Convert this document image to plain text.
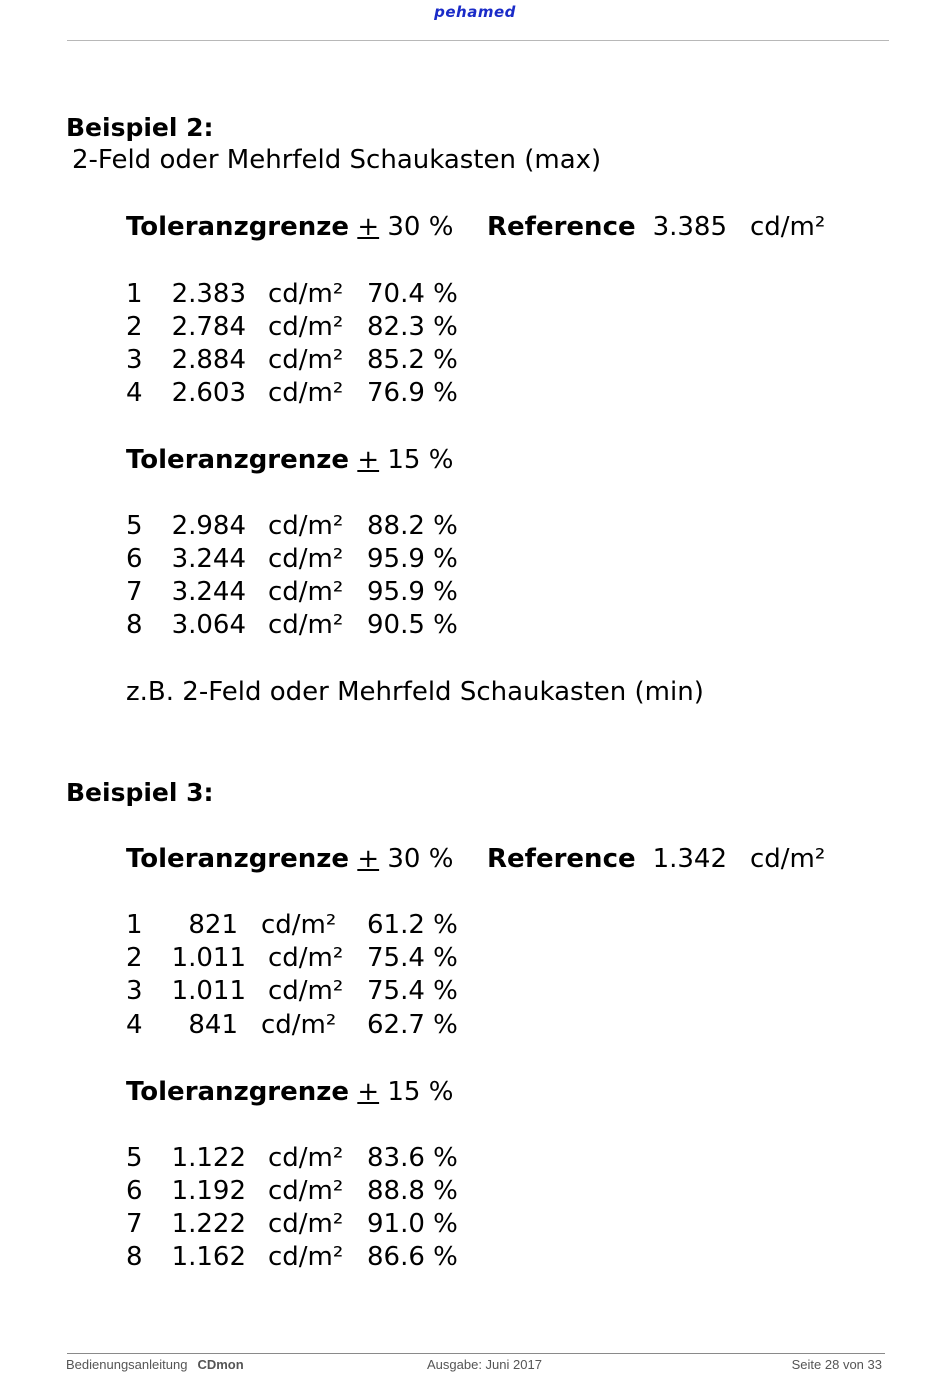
pehamed
Beispiel 2:
2-Feld oder Mehrfeld Schaukasten (max)
Toleranzgrenze + 30 % Reference 3.385 cd/m²
1	2.383 cd/m² 70.4 %
2	2.784 cd/m² 82.3 %
3	2.884 cd/m² 85.2 %
4	2.603 cd/m² 76.9 %
Toleranzgrenze + 15 %
5	2.984 cd/m² 88.2 %
6	3.244 cd/m² 95.9 %
7	3.244 cd/m² 95.9 %
8	3.064 cd/m² 90.5 %
z.B. 2-Feld oder Mehrfeld Schaukasten (min)
Beispiel 3:
Toleranzgrenze + 30 % Reference 1.342 cd/m²
1	821 cd/m² 61.2 %
2	1.011 cd/m² 75.4 %
3	1.011 cd/m² 75.4 %
4	841 cd/m² 62.7 %
Toleranzgrenze + 15 %
5	1.122 cd/m² 83.6 %
6	1.192 cd/m² 88.8 %
7	1.222 cd/m² 91.0 %
8	1.162 cd/m² 86.6 %
Bedienungsanleitung CDmon	Ausgabe: Juni 2017	Seite 28 von 33
